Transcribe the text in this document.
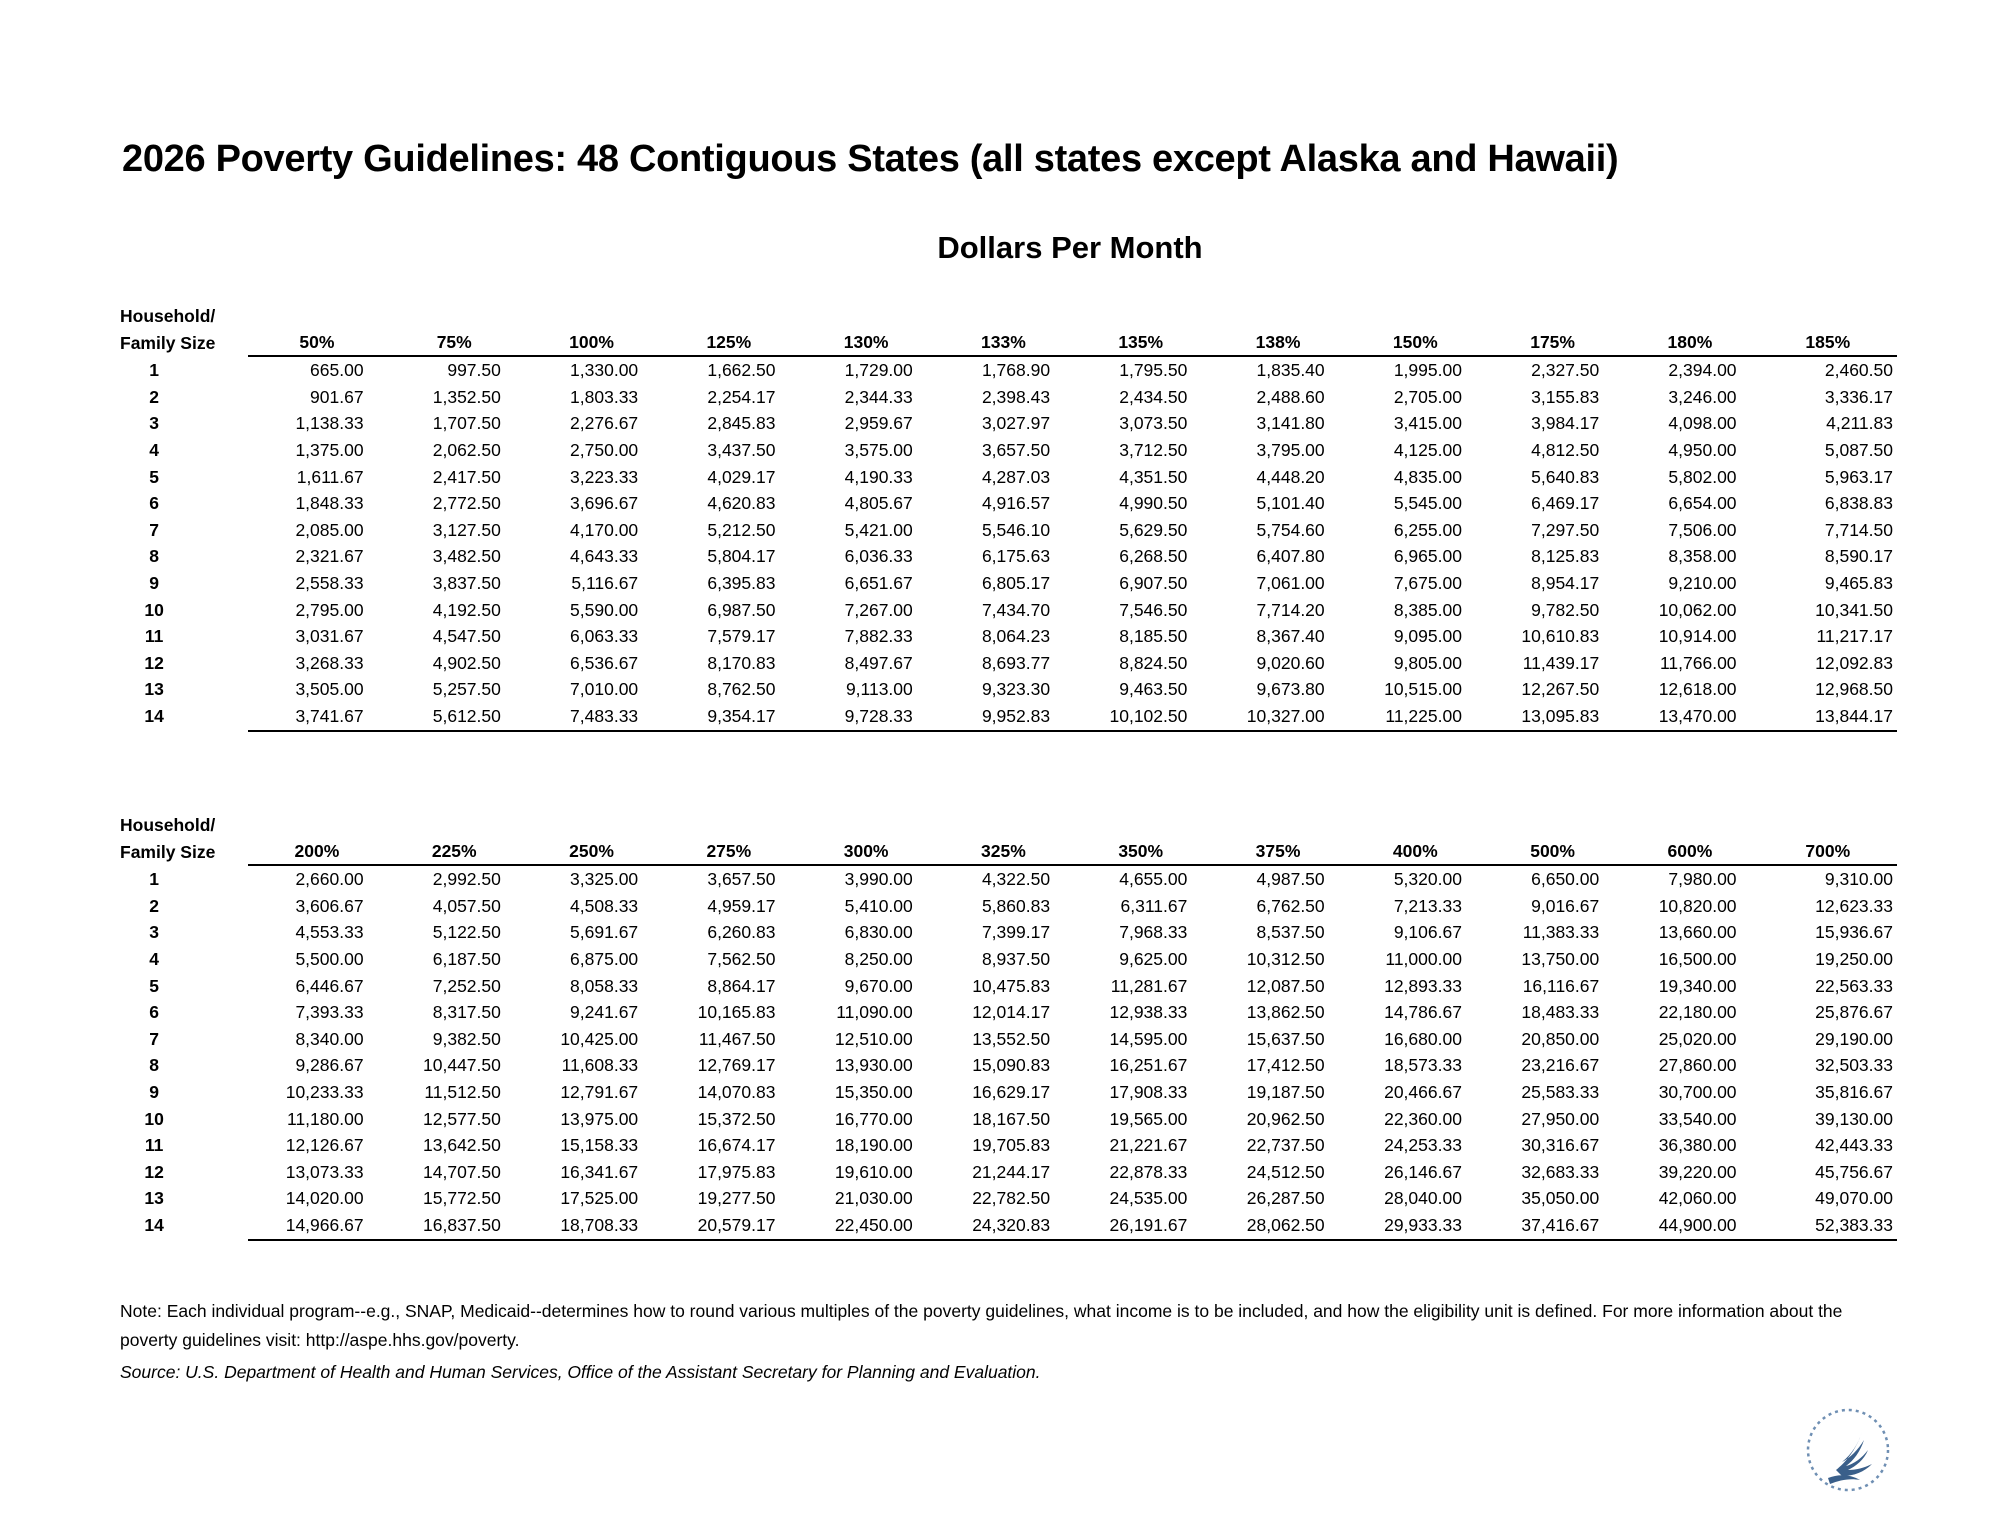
2026 Poverty Guidelines: 48 Contiguous States (all states except Alaska and Hawaii)
Dollars Per Month
Household/
Family Size	50%	75%	100%	125%	130%	133%	135%	138%	150%	175%	180%	185%
1	665.00	997.50	1,330.00	1,662.50	1,729.00	1,768.90	1,795.50	1,835.40	1,995.00	2,327.50	2,394.00	2,460.50
2	901.67	1,352.50	1,803.33	2,254.17	2,344.33	2,398.43	2,434.50	2,488.60	2,705.00	3,155.83	3,246.00	3,336.17
3	1,138.33	1,707.50	2,276.67	2,845.83	2,959.67	3,027.97	3,073.50	3,141.80	3,415.00	3,984.17	4,098.00	4,211.83
4	1,375.00	2,062.50	2,750.00	3,437.50	3,575.00	3,657.50	3,712.50	3,795.00	4,125.00	4,812.50	4,950.00	5,087.50
5	1,611.67	2,417.50	3,223.33	4,029.17	4,190.33	4,287.03	4,351.50	4,448.20	4,835.00	5,640.83	5,802.00	5,963.17
6	1,848.33	2,772.50	3,696.67	4,620.83	4,805.67	4,916.57	4,990.50	5,101.40	5,545.00	6,469.17	6,654.00	6,838.83
7	2,085.00	3,127.50	4,170.00	5,212.50	5,421.00	5,546.10	5,629.50	5,754.60	6,255.00	7,297.50	7,506.00	7,714.50
8	2,321.67	3,482.50	4,643.33	5,804.17	6,036.33	6,175.63	6,268.50	6,407.80	6,965.00	8,125.83	8,358.00	8,590.17
9	2,558.33	3,837.50	5,116.67	6,395.83	6,651.67	6,805.17	6,907.50	7,061.00	7,675.00	8,954.17	9,210.00	9,465.83
10	2,795.00	4,192.50	5,590.00	6,987.50	7,267.00	7,434.70	7,546.50	7,714.20	8,385.00	9,782.50	10,062.00	10,341.50
11	3,031.67	4,547.50	6,063.33	7,579.17	7,882.33	8,064.23	8,185.50	8,367.40	9,095.00	10,610.83	10,914.00	11,217.17
12	3,268.33	4,902.50	6,536.67	8,170.83	8,497.67	8,693.77	8,824.50	9,020.60	9,805.00	11,439.17	11,766.00	12,092.83
13	3,505.00	5,257.50	7,010.00	8,762.50	9,113.00	9,323.30	9,463.50	9,673.80	10,515.00	12,267.50	12,618.00	12,968.50
14	3,741.67	5,612.50	7,483.33	9,354.17	9,728.33	9,952.83	10,102.50	10,327.00	11,225.00	13,095.83	13,470.00	13,844.17
Household/
Family Size	200%	225%	250%	275%	300%	325%	350%	375%	400%	500%	600%	700%
1	2,660.00	2,992.50	3,325.00	3,657.50	3,990.00	4,322.50	4,655.00	4,987.50	5,320.00	6,650.00	7,980.00	9,310.00
2	3,606.67	4,057.50	4,508.33	4,959.17	5,410.00	5,860.83	6,311.67	6,762.50	7,213.33	9,016.67	10,820.00	12,623.33
3	4,553.33	5,122.50	5,691.67	6,260.83	6,830.00	7,399.17	7,968.33	8,537.50	9,106.67	11,383.33	13,660.00	15,936.67
4	5,500.00	6,187.50	6,875.00	7,562.50	8,250.00	8,937.50	9,625.00	10,312.50	11,000.00	13,750.00	16,500.00	19,250.00
5	6,446.67	7,252.50	8,058.33	8,864.17	9,670.00	10,475.83	11,281.67	12,087.50	12,893.33	16,116.67	19,340.00	22,563.33
6	7,393.33	8,317.50	9,241.67	10,165.83	11,090.00	12,014.17	12,938.33	13,862.50	14,786.67	18,483.33	22,180.00	25,876.67
7	8,340.00	9,382.50	10,425.00	11,467.50	12,510.00	13,552.50	14,595.00	15,637.50	16,680.00	20,850.00	25,020.00	29,190.00
8	9,286.67	10,447.50	11,608.33	12,769.17	13,930.00	15,090.83	16,251.67	17,412.50	18,573.33	23,216.67	27,860.00	32,503.33
9	10,233.33	11,512.50	12,791.67	14,070.83	15,350.00	16,629.17	17,908.33	19,187.50	20,466.67	25,583.33	30,700.00	35,816.67
10	11,180.00	12,577.50	13,975.00	15,372.50	16,770.00	18,167.50	19,565.00	20,962.50	22,360.00	27,950.00	33,540.00	39,130.00
11	12,126.67	13,642.50	15,158.33	16,674.17	18,190.00	19,705.83	21,221.67	22,737.50	24,253.33	30,316.67	36,380.00	42,443.33
12	13,073.33	14,707.50	16,341.67	17,975.83	19,610.00	21,244.17	22,878.33	24,512.50	26,146.67	32,683.33	39,220.00	45,756.67
13	14,020.00	15,772.50	17,525.00	19,277.50	21,030.00	22,782.50	24,535.00	26,287.50	28,040.00	35,050.00	42,060.00	49,070.00
14	14,966.67	16,837.50	18,708.33	20,579.17	22,450.00	24,320.83	26,191.67	28,062.50	29,933.33	37,416.67	44,900.00	52,383.33
Note: Each individual program--e.g., SNAP, Medicaid--determines how to round various multiples of the poverty guidelines, what income is to be included, and how the eligibility unit is defined. For more information about the poverty guidelines visit: http://aspe.hhs.gov/poverty.
Source: U.S. Department of Health and Human Services, Office of the Assistant Secretary for Planning and Evaluation.
